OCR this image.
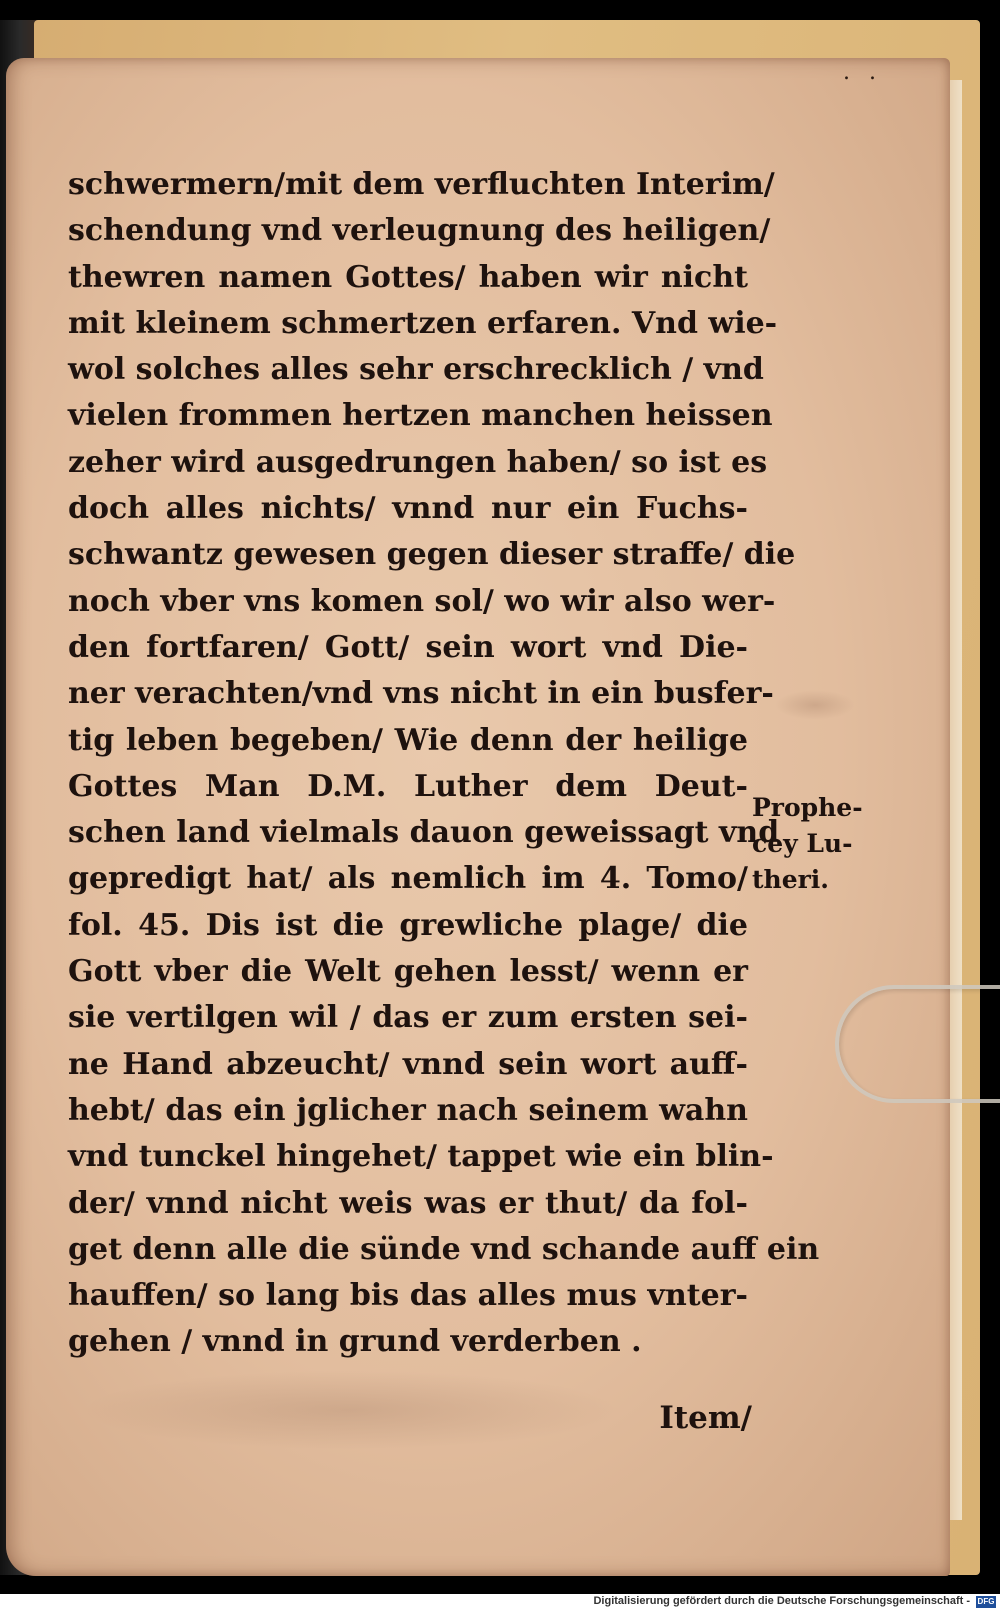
. .
schwermern/mit dem verfluchten Interim/
schendung vnd verleugnung des heiligen/
thewren namen Gottes/ haben wir nicht
mit kleinem schmertzen erfaren. Vnd wie-
wol solches alles sehr erschrecklich / vnd
vielen frommen hertzen manchen heissen
zeher wird ausgedrungen haben/ so ist es
doch alles nichts/ vnnd nur ein Fuchs-
schwantz gewesen gegen dieser straffe/ die
noch vber vns komen sol/ wo wir also wer-
den fortfaren/ Gott/ sein wort vnd Die-
ner verachten/vnd vns nicht in ein busfer-
tig leben begeben/ Wie denn der heilige
Gottes Man D.M. Luther dem Deut-
schen land vielmals dauon geweissagt vnd
gepredigt hat/ als nemlich im 4. Tomo/
fol. 45. Dis ist die grewliche plage/ die
Gott vber die Welt gehen lesst/ wenn er
sie vertilgen wil / das er zum ersten sei-
ne Hand abzeucht/ vnnd sein wort auff-
hebt/ das ein jglicher nach seinem wahn
vnd tunckel hingehet/ tappet wie ein blin-
der/ vnnd nicht weis was er thut/ da fol-
get denn alle die sünde vnd schande auff ein
hauffen/ so lang bis das alles mus vnter-
gehen / vnnd in grund verderben .
Prophe-
cey Lu-
theri.
Item/
Digitalisierung gefördert durch die Deutsche Forschungsgemeinschaft - DFG
